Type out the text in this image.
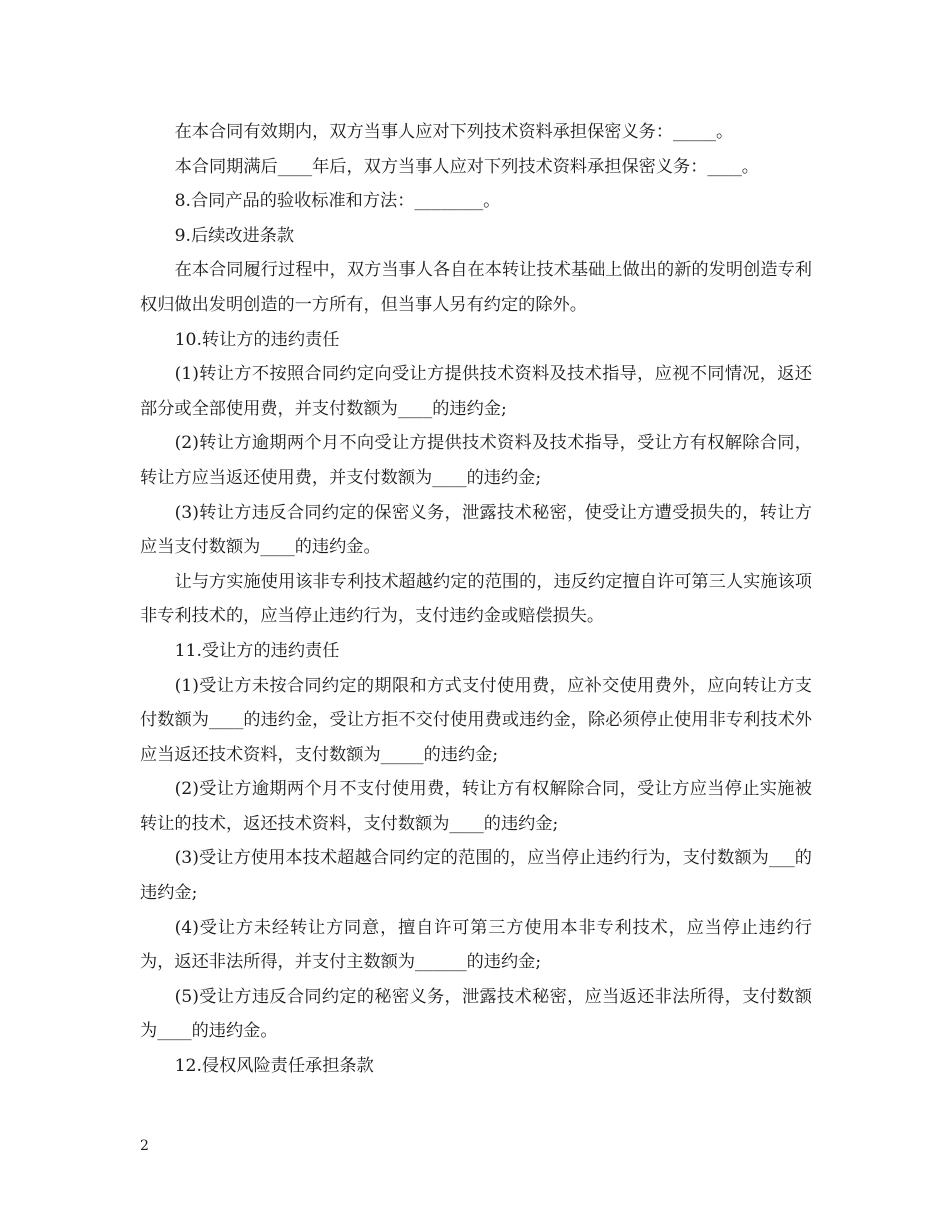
在本合同有效期内，双方当事人应对下列技术资料承担保密义务：_____。

本合同期满后____年后，双方当事人应对下列技术资料承担保密义务：____。

8.合同产品的验收标准和方法：________。

9.后续改进条款

在本合同履行过程中，双方当事人各自在本转让技术基础上做出的新的发明创造专利权归做出发明创造的一方所有，但当事人另有约定的除外。

10.转让方的违约责任

(1)转让方不按照合同约定向受让方提供技术资料及技术指导，应视不同情况，返还部分或全部使用费，并支付数额为____的违约金;

(2)转让方逾期两个月不向受让方提供技术资料及技术指导，受让方有权解除合同，转让方应当返还使用费，并支付数额为____的违约金;

(3)转让方违反合同约定的保密义务，泄露技术秘密，使受让方遭受损失的，转让方应当支付数额为____的违约金。

让与方实施使用该非专利技术超越约定的范围的，违反约定擅自许可第三人实施该项非专利技术的，应当停止违约行为，支付违约金或赔偿损失。

11.受让方的违约责任

(1)受让方未按合同约定的期限和方式支付使用费，应补交使用费外，应向转让方支付数额为____的违约金，受让方拒不交付使用费或违约金，除必须停止使用非专利技术外应当返还技术资料，支付数额为_____的违约金;

(2)受让方逾期两个月不支付使用费，转让方有权解除合同，受让方应当停止实施被转让的技术，返还技术资料，支付数额为____的违约金;

(3)受让方使用本技术超越合同约定的范围的，应当停止违约行为，支付数额为___的违约金;

(4)受让方未经转让方同意，擅自许可第三方使用本非专利技术，应当停止违约行为，返还非法所得，并支付主数额为______的违约金;

(5)受让方违反合同约定的秘密义务，泄露技术秘密，应当返还非法所得，支付数额为____的违约金。

12.侵权风险责任承担条款

2
